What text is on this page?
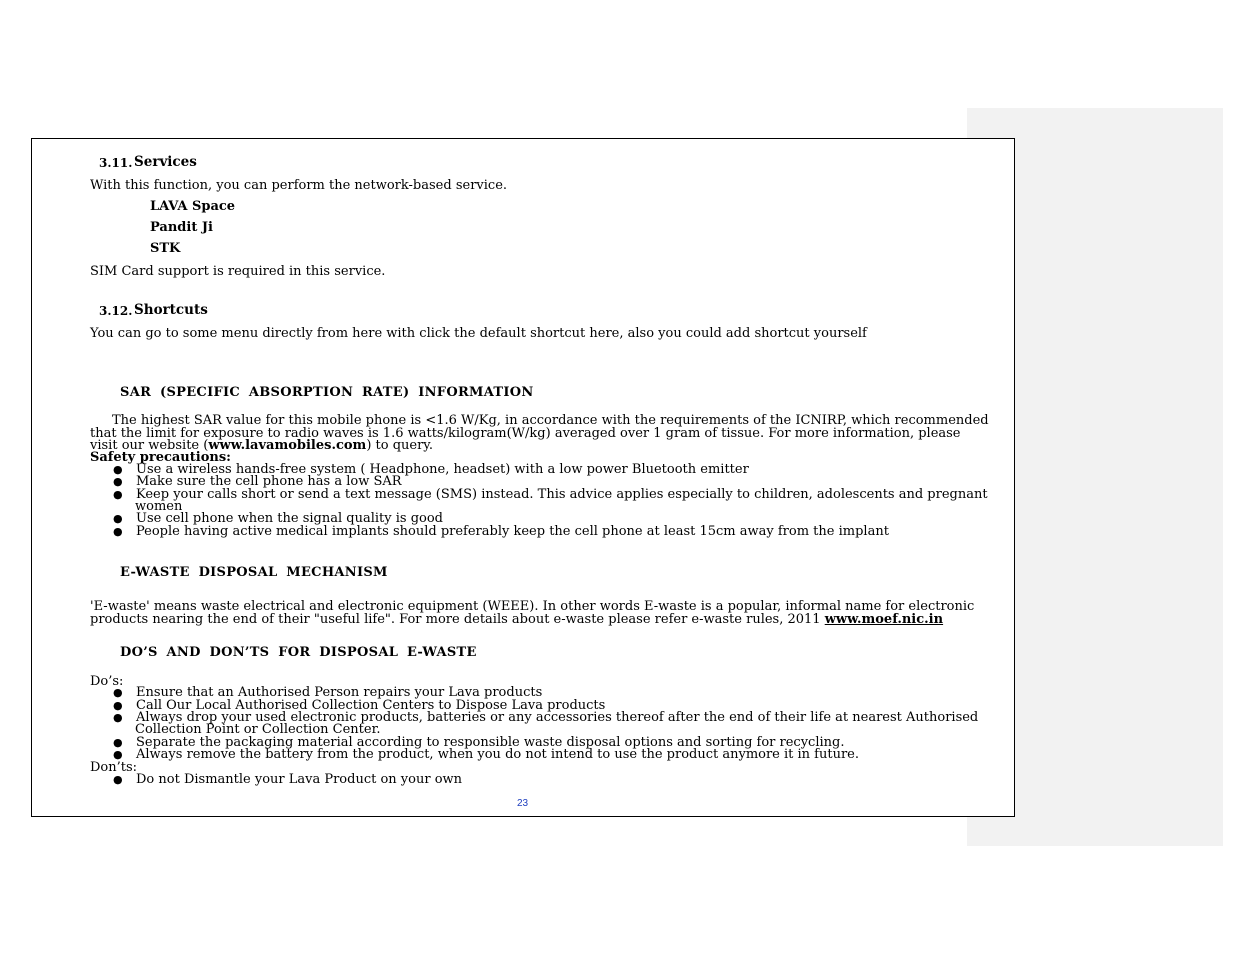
3.11. Services
With this function, you can perform the network-based service.
LAVA Space
Pandit Ji
STK
SIM Card support is required in this service.
3.12. Shortcuts
You can go to some menu directly from here with click the default shortcut here, also you could add shortcut yourself
SAR (SPECIFIC ABSORPTION RATE) INFORMATION
The highest SAR value for this mobile phone is <1.6 W/Kg, in accordance with the requirements of the ICNIRP, which recommended
that the limit for exposure to radio waves is 1.6 watts/kilogram(W/kg) averaged over 1 gram of tissue. For more information, please
visit our website (www.lavamobiles.com) to query.
Safety precautions:
● Use a wireless hands-free system ( Headphone, headset) with a low power Bluetooth emitter
● Make sure the cell phone has a low SAR
● Keep your calls short or send a text message (SMS) instead. This advice applies especially to children, adolescents and pregnant
women
● Use cell phone when the signal quality is good
● People having active medical implants should preferably keep the cell phone at least 15cm away from the implant
E-WASTE DISPOSAL MECHANISM
'E-waste' means waste electrical and electronic equipment (WEEE). In other words E-waste is a popular, informal name for electronic
products nearing the end of their "useful life". For more details about e-waste please refer e-waste rules, 2011 www.moef.nic.in
DO’S AND DON’TS FOR DISPOSAL E-WASTE
Do’s:
● Ensure that an Authorised Person repairs your Lava products
● Call Our Local Authorised Collection Centers to Dispose Lava products
● Always drop your used electronic products, batteries or any accessories thereof after the end of their life at nearest Authorised
Collection Point or Collection Center.
● Separate the packaging material according to responsible waste disposal options and sorting for recycling.
● Always remove the battery from the product, when you do not intend to use the product anymore it in future.
Don’ts:
● Do not Dismantle your Lava Product on your own
23
